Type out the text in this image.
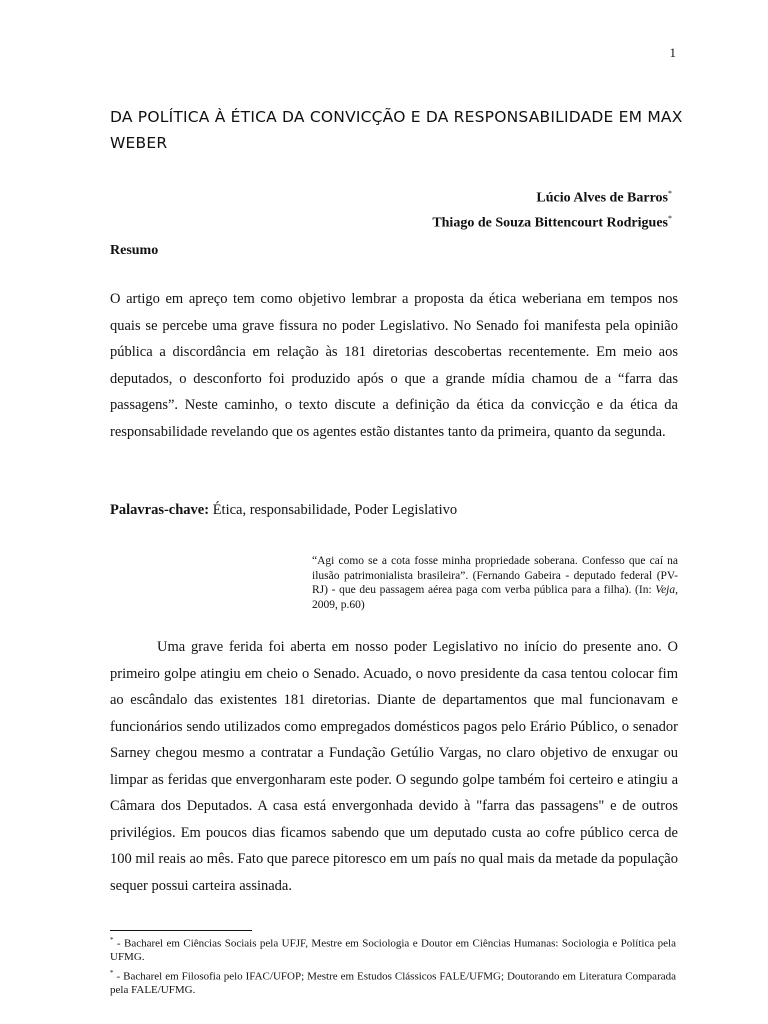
1
DA POLÍTICA À ÉTICA DA CONVICÇÃO E DA RESPONSABILIDADE EM MAX WEBER
Lúcio Alves de Barros*
Thiago de Souza Bittencourt Rodrigues*
Resumo

O artigo em apreço tem como objetivo lembrar a proposta da ética weberiana em tempos nos quais se percebe uma grave fissura no poder Legislativo. No Senado foi manifesta pela opinião pública a discordância em relação às 181 diretorias descobertas recentemente. Em meio aos deputados, o desconforto foi produzido após o que a grande mídia chamou de a “farra das passagens”. Neste caminho, o texto discute a definição da ética da convicção e da ética da responsabilidade revelando que os agentes estão distantes tanto da primeira, quanto da segunda.

Palavras-chave: Ética, responsabilidade, Poder Legislativo

“Agi como se a cota fosse minha propriedade soberana. Confesso que caí na ilusão patrimonialista brasileira”. (Fernando Gabeira - deputado federal (PV- RJ) - que deu passagem aérea paga com verba pública para a filha). (In: Veja, 2009, p.60)

Uma grave ferida foi aberta em nosso poder Legislativo no início do presente ano. O primeiro golpe atingiu em cheio o Senado. Acuado, o novo presidente da casa tentou colocar fim ao escândalo das existentes 181 diretorias. Diante de departamentos que mal funcionavam e funcionários sendo utilizados como empregados domésticos pagos pelo Erário Público, o senador Sarney chegou mesmo a contratar a Fundação Getúlio Vargas, no claro objetivo de enxugar ou limpar as feridas que envergonharam este poder. O segundo golpe também foi certeiro e atingiu a Câmara dos Deputados. A casa está envergonhada devido à "farra das passagens" e de outros privilégios. Em poucos dias ficamos sabendo que um deputado custa ao cofre público cerca de 100 mil reais ao mês. Fato que parece pitoresco em um país no qual mais da metade da população sequer possui carteira assinada.

* - Bacharel em Ciências Sociais pela UFJF, Mestre em Sociologia e Doutor em Ciências Humanas: Sociologia e Política pela UFMG.

* - Bacharel em Filosofia pelo IFAC/UFOP; Mestre em Estudos Clássicos FALE/UFMG; Doutorando em Literatura Comparada pela FALE/UFMG.
